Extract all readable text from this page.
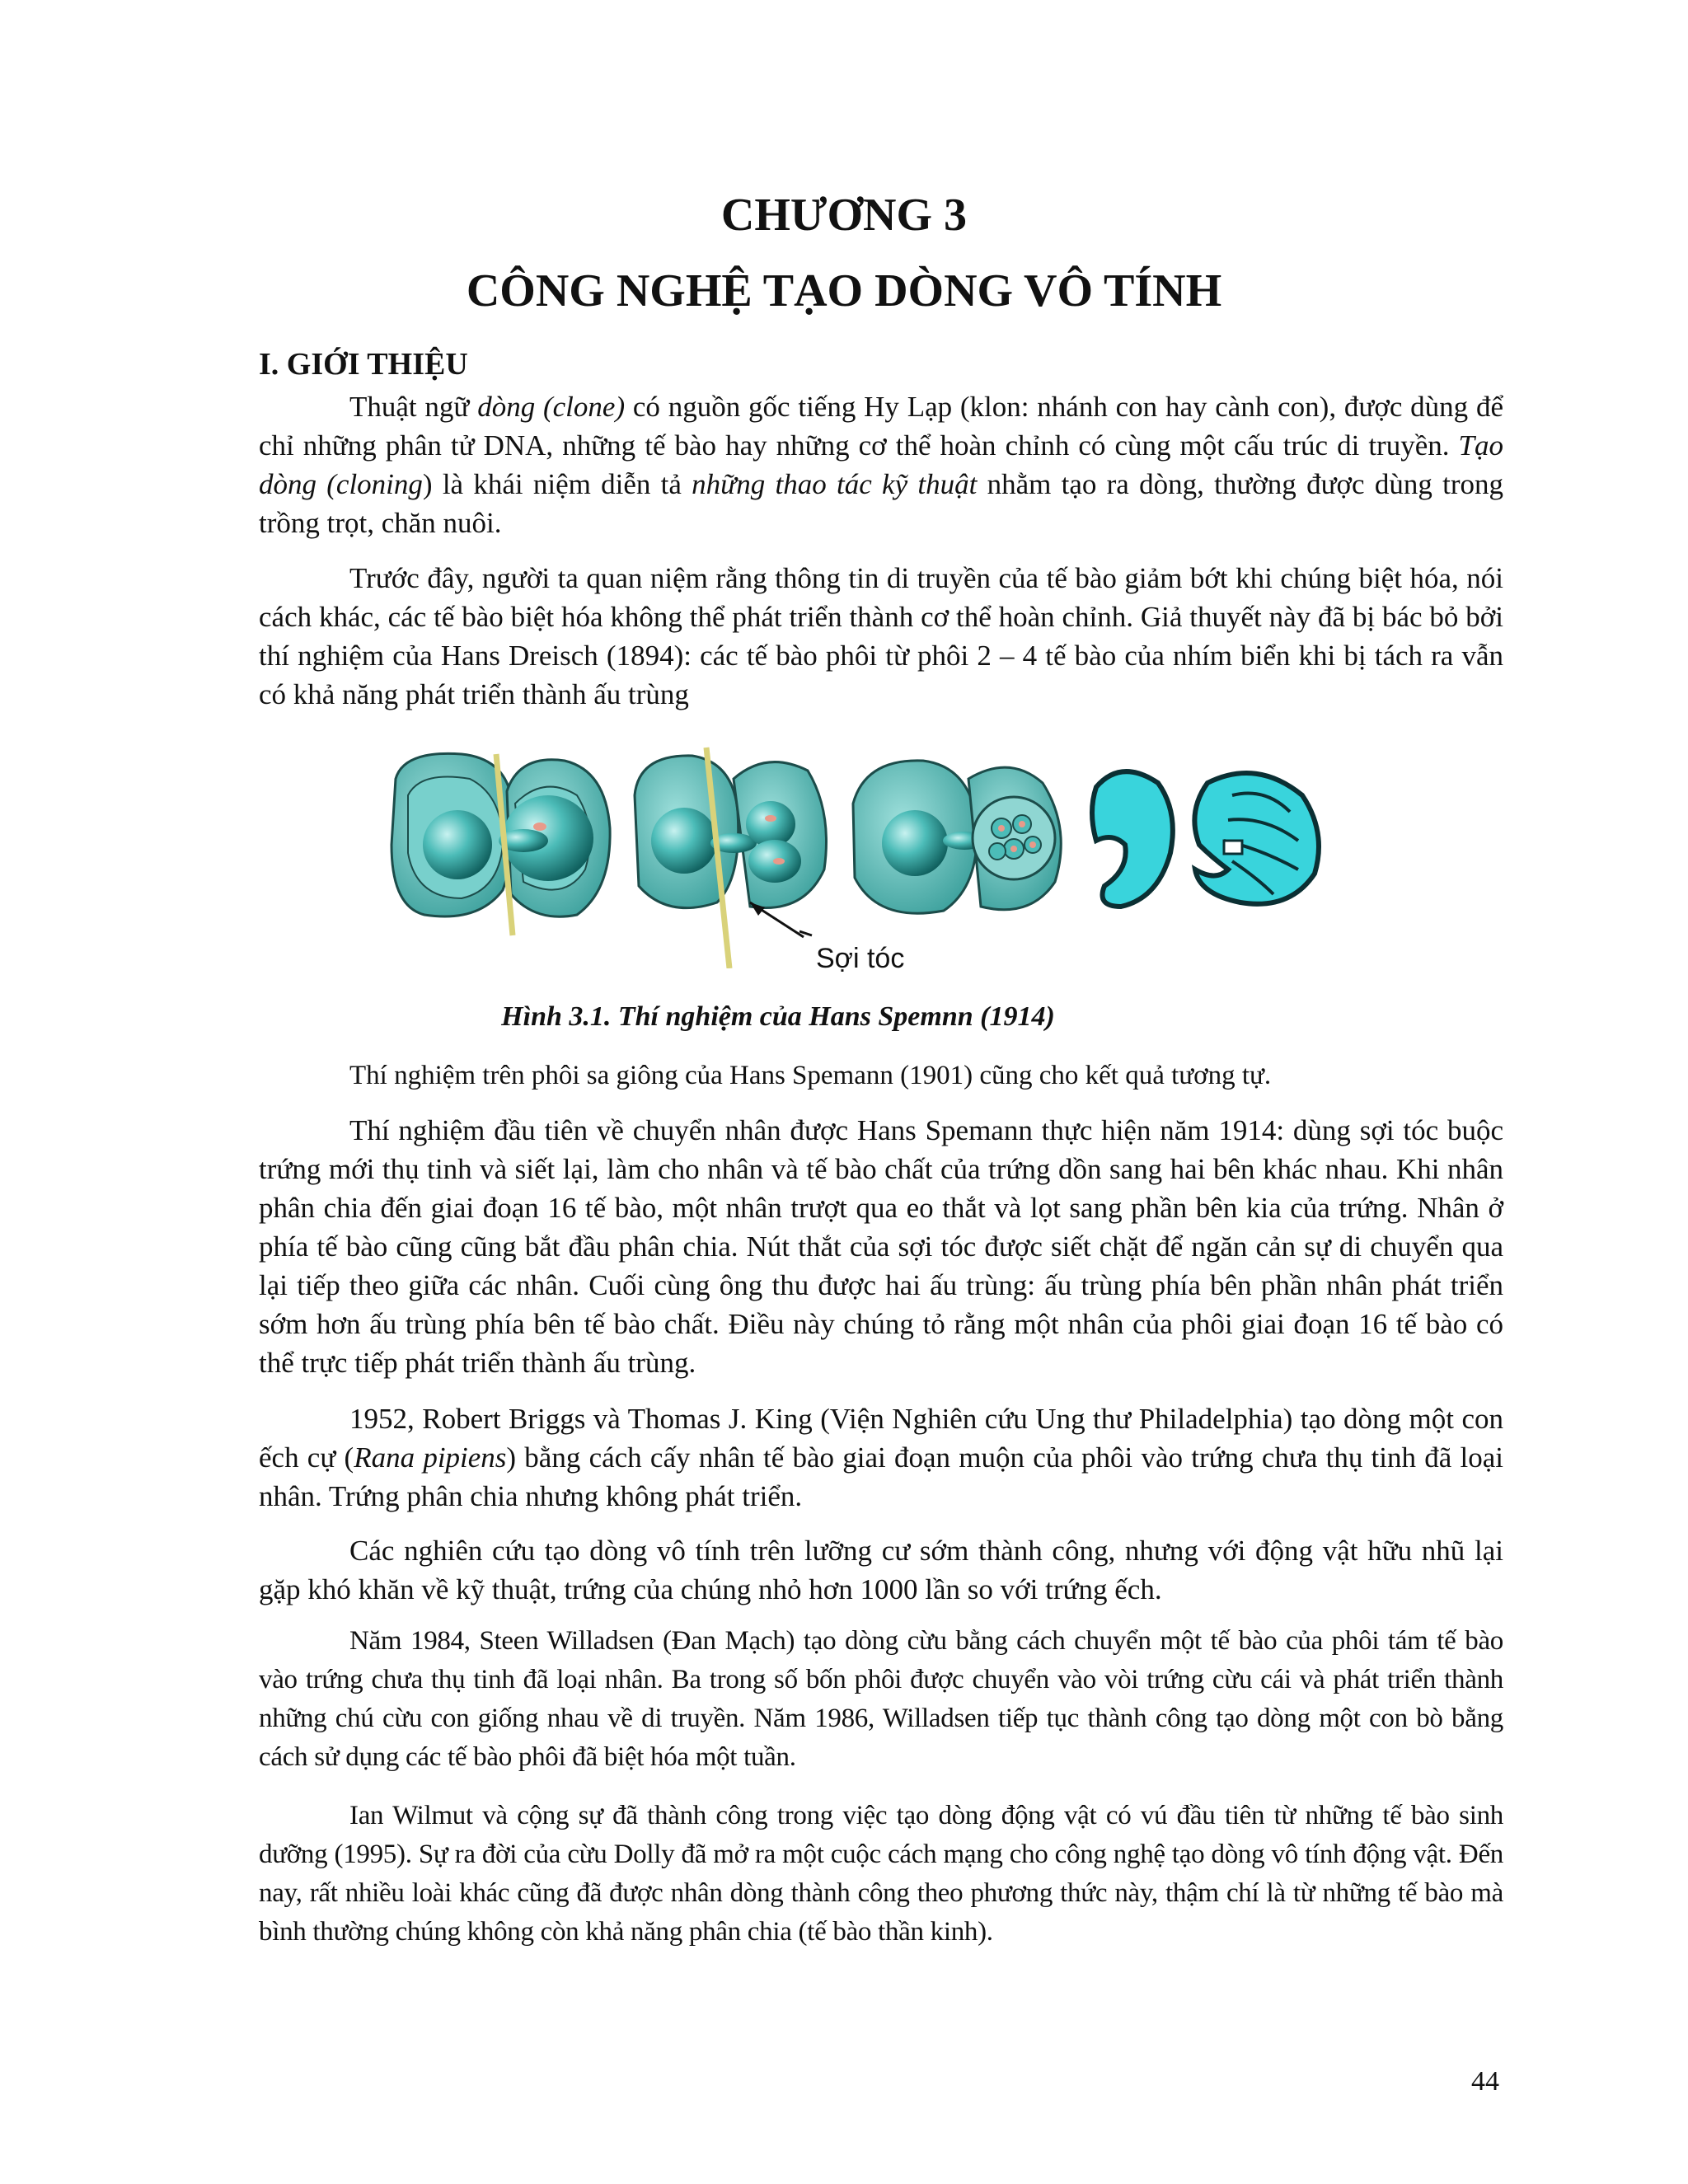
CHƯƠNG 3
CÔNG NGHỆ TẠO DÒNG VÔ TÍNH
I. GIỚI THIỆU

Thuật ngữ dòng (clone) có nguồn gốc tiếng Hy Lạp (klon: nhánh con hay cành con), được dùng để chỉ những phân tử DNA, những tế bào hay những cơ thể hoàn chỉnh có cùng một cấu trúc di truyền. Tạo dòng (cloning) là khái niệm diễn tả những thao tác kỹ thuật nhằm tạo ra dòng, thường được dùng trong trồng trọt, chăn nuôi.

Trước đây, người ta quan niệm rằng thông tin di truyền của tế bào giảm bớt khi chúng biệt hóa, nói cách khác, các tế bào biệt hóa không thể phát triển thành cơ thể hoàn chỉnh. Giả thuyết này đã bị bác bỏ bởi thí nghiệm của Hans Dreisch (1894): các tế bào phôi từ phôi 2 – 4 tế bào của nhím biển khi bị tách ra vẫn có khả năng phát triển thành ấu trùng

Sợi tóc
Hình 3.1. Thí nghiệm của Hans Spemnn (1914)

Thí nghiệm trên phôi sa giông của Hans Spemann (1901) cũng cho kết quả tương tự.

Thí nghiệm đầu tiên về chuyển nhân được Hans Spemann thực hiện năm 1914: dùng sợi tóc buộc trứng mới thụ tinh và siết lại, làm cho nhân và tế bào chất của trứng dồn sang hai bên khác nhau. Khi nhân phân chia đến giai đoạn 16 tế bào, một nhân trượt qua eo thắt và lọt sang phần bên kia của trứng. Nhân ở phía tế bào cũng cũng bắt đầu phân chia. Nút thắt của sợi tóc được siết chặt để ngăn cản sự di chuyển qua lại tiếp theo giữa các nhân. Cuối cùng ông thu được hai ấu trùng: ấu trùng phía bên phần nhân phát triển sớm hơn ấu trùng phía bên tế bào chất. Điều này chúng tỏ rằng một nhân của phôi giai đoạn 16 tế bào có thể trực tiếp phát triển thành ấu trùng.

1952, Robert Briggs và Thomas J. King (Viện Nghiên cứu Ung thư Philadelphia) tạo dòng một con ếch cự (Rana pipiens) bằng cách cấy nhân tế bào giai đoạn muộn của phôi vào trứng chưa thụ tinh đã loại nhân. Trứng phân chia nhưng không phát triển.

Các nghiên cứu tạo dòng vô tính trên lưỡng cư sớm thành công, nhưng với động vật hữu nhũ lại gặp khó khăn về kỹ thuật, trứng của chúng nhỏ hơn 1000 lần so với trứng ếch.

Năm 1984, Steen Willadsen (Đan Mạch) tạo dòng cừu bằng cách chuyển một tế bào của phôi tám tế bào vào trứng chưa thụ tinh đã loại nhân. Ba trong số bốn phôi được chuyển vào vòi trứng cừu cái và phát triển thành những chú cừu con giống nhau về di truyền. Năm 1986, Willadsen tiếp tục thành công tạo dòng một con bò bằng cách sử dụng các tế bào phôi đã biệt hóa một tuần.

Ian Wilmut và cộng sự đã thành công trong việc tạo dòng động vật có vú đầu tiên từ những tế bào sinh dưỡng (1995). Sự ra đời của cừu Dolly đã mở ra một cuộc cách mạng cho công nghệ tạo dòng vô tính động vật. Đến nay, rất nhiều loài khác cũng đã được nhân dòng thành công theo phương thức này, thậm chí là từ những tế bào mà bình thường chúng không còn khả năng phân chia (tế bào thần kinh).

44
